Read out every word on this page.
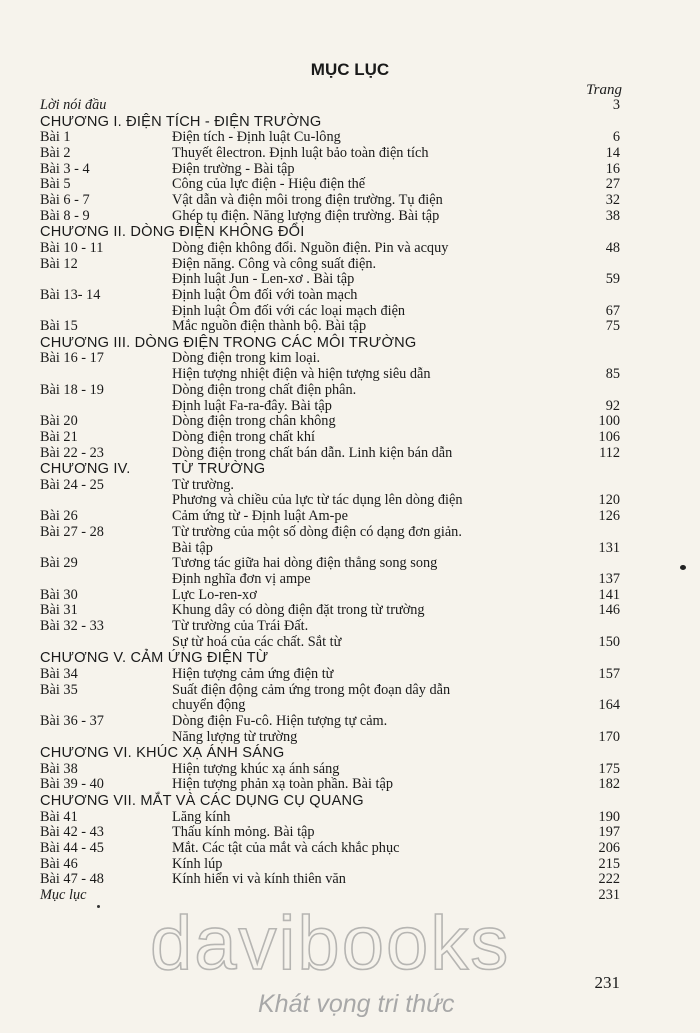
MỤC LỤC
Trang
Lời nói đầu	3
CHƯƠNG I. ĐIỆN TÍCH - ĐIỆN TRƯỜNG
Bài 1	Điện tích - Định luật Cu-lông	6
Bài 2	Thuyết êlectron. Định luật bảo toàn điện tích	14
Bài 3 - 4	Điện trường - Bài tập	16
Bài 5	Công của lực điện - Hiệu điện thế	27
Bài 6 - 7	Vật dẫn và điện môi trong điện trường. Tụ điện	32
Bài 8 - 9	Ghép tụ điện. Năng lượng điện trường. Bài tập	38
CHƯƠNG II. DÒNG ĐIỆN KHÔNG ĐỔI
Bài 10 - 11	Dòng điện không đổi. Nguồn điện. Pin và acquy	48
Bài 12	Điện năng. Công và công suất điện.
Định luật Jun - Len-xơ . Bài tập	59
Bài 13- 14	Định luật Ôm đối với toàn mạch
Định luật Ôm đối với các loại mạch điện	67
Bài 15	Mắc nguồn điện thành bộ. Bài tập	75
CHƯƠNG III. DÒNG ĐIỆN TRONG CÁC MÔI TRƯỜNG
Bài 16 - 17	Dòng điện trong kim loại.
Hiện tượng nhiệt điện và hiện tượng siêu dẫn	85
Bài 18 - 19	Dòng điện trong chất điện phân.
Định luật Fa-ra-đây. Bài tập	92
Bài 20	Dòng điện trong chân không	100
Bài 21	Dòng điện trong chất khí	106
Bài 22 - 23	Dòng điện trong chất bán dẫn. Linh kiện bán dẫn	112
CHƯƠNG IV.	TỪ TRƯỜNG
Bài 24 - 25	Từ trường.
Phương và chiều của lực từ tác dụng lên dòng điện	120
Bài 26	Cảm ứng từ - Định luật Am-pe	126
Bài 27 - 28	Từ trường của một số dòng điện có dạng đơn giản.
Bài tập	131
Bài 29	Tương tác giữa hai dòng điện thẳng song song
Định nghĩa đơn vị ampe	137
Bài 30	Lực Lo-ren-xơ	141
Bài 31	Khung dây có dòng điện đặt trong từ trường	146
Bài 32 - 33	Từ trường của Trái Đất.
Sự từ hoá của các chất. Sắt từ	150
CHƯƠNG V. CẢM ỨNG ĐIỆN TỪ
Bài 34	Hiện tượng cảm ứng điện từ	157
Bài 35	Suất điện động cảm ứng trong một đoạn dây dẫn
chuyển động	164
Bài 36 - 37	Dòng điện Fu-cô. Hiện tượng tự cảm.
Năng lượng từ trường	170
CHƯƠNG VI. KHÚC XẠ ÁNH SÁNG
Bài 38	Hiện tượng khúc xạ ánh sáng	175
Bài 39 - 40	Hiện tượng phản xạ toàn phần. Bài tập	182
CHƯƠNG VII. MẮT VÀ CÁC DỤNG CỤ QUANG
Bài 41	Lăng kính	190
Bài 42 - 43	Thấu kính mỏng. Bài tập	197
Bài 44 - 45	Mắt. Các tật của mắt và cách khắc phục	206
Bài 46	Kính lúp	215
Bài 47 - 48	Kính hiển vi và kính thiên văn	222
Mục lục	231
231
davibooks
Khát vọng tri thức
